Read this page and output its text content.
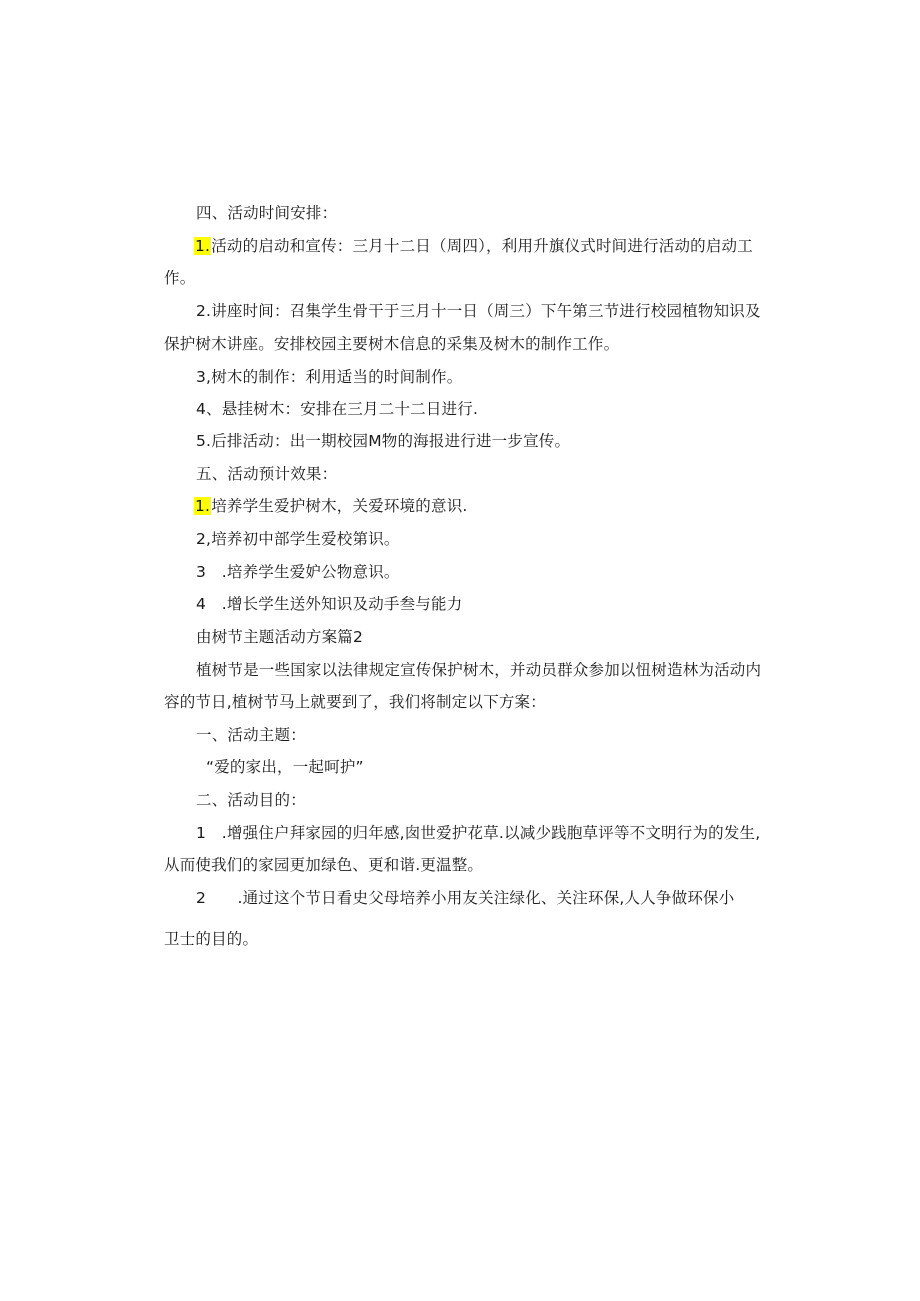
四、活动时间安排：
1.活动的启动和宣传：三月十二日（周四），利用升旗仪式时间进行活动的启动工
作。
2.讲座时间：召集学生骨干于三月十一日（周三）下午第三节进行校园植物知识及
保护树木讲座。安排校园主要树木信息的采集及树木的制作工作。
3,树木的制作：利用适当的时间制作。
4、悬挂树木：安排在三月二十二日进行.
5.后排活动：出一期校园M物的海报进行进一步宣传。
五、活动预计效果：
1.培养学生爱护树木，关爱环境的意识.
2,培养初中部学生爱校第识。
3　.培养学生爱妒公物意识。
4　.增长学生送外知识及动手叁与能力
由树节主题活动方案篇2
植树节是一些国家以法律规定宣传保护树木，并动员群众参加以忸树造林为活动内
容的节日,植树节马上就要到了，我们将制定以下方案：
一、活动主题：
“爱的家出，一起呵护”
二、活动目的：
1　.增强住户拜家园的归年感,囱世爱护花草.以减少践胞草评等不文明行为的发生,
从而使我们的家园更加绿色、更和谐.更温整。
2　　.通过这个节日看史父母培养小用友关注绿化、关注环保,人人争做环保小
卫士的目的。
